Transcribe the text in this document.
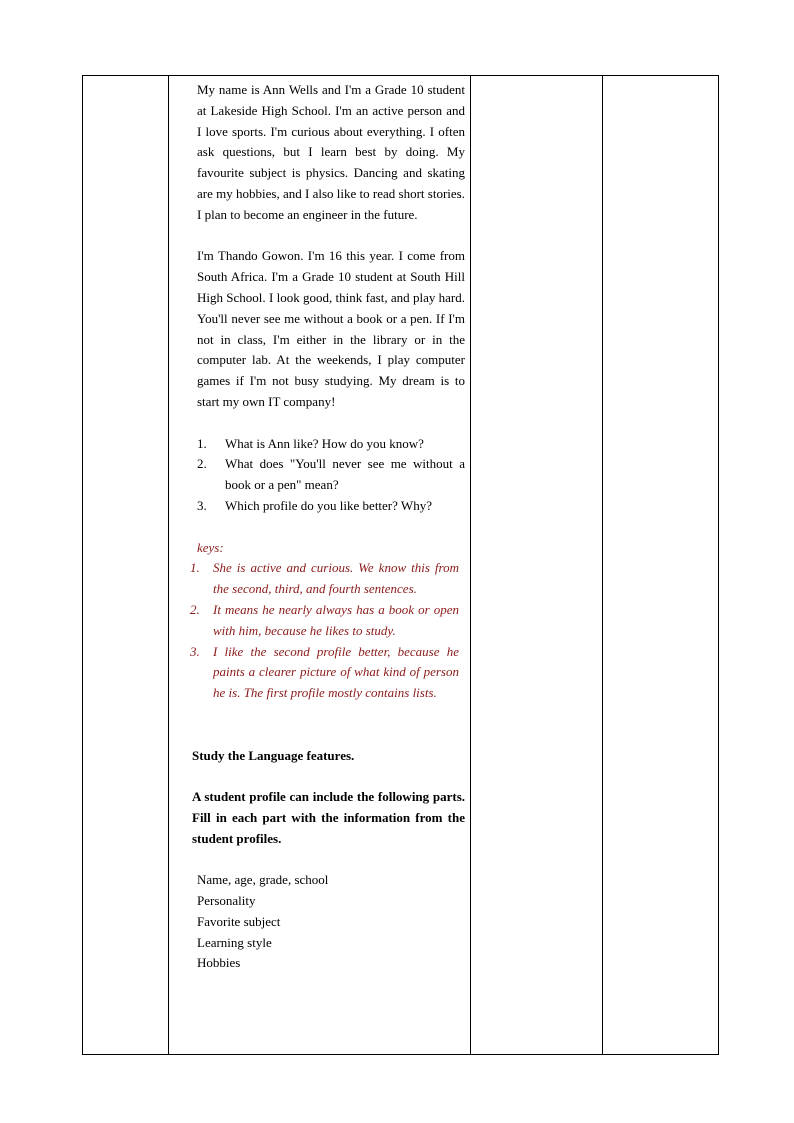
My name is Ann Wells and I'm a Grade 10 student at Lakeside High School. I'm an active person and I love sports. I'm curious about everything. I often ask questions, but I learn best by doing. My favourite subject is physics. Dancing and skating are my hobbies, and I also like to read short stories. I plan to become an engineer in the future.

I'm Thando Gowon. I'm 16 this year. I come from South Africa. I'm a Grade 10 student at South Hill High School. I look good, think fast, and play hard. You'll never see me without a book or a pen. If I'm not in class, I'm either in the library or in the computer lab. At the weekends, I play computer games if I'm not busy studying. My dream is to start my own IT company!

1.	What is Ann like? How do you know?
2.	What does "You'll never see me without a book or a pen" mean?
3.	Which profile do you like better? Why?
keys:
1.	She is active and curious. We know this from the second, third, and fourth sentences.
2.	It means he nearly always has a book or open with him, because he likes to study.
3.	I like the second profile better, because he paints a clearer picture of what kind of person he is. The first profile mostly contains lists.

Study the Language features.

A student profile can include the following parts. Fill in each part with the information from the student profiles.

Name, age, grade, school
Personality
Favorite subject
Learning style
Hobbies
